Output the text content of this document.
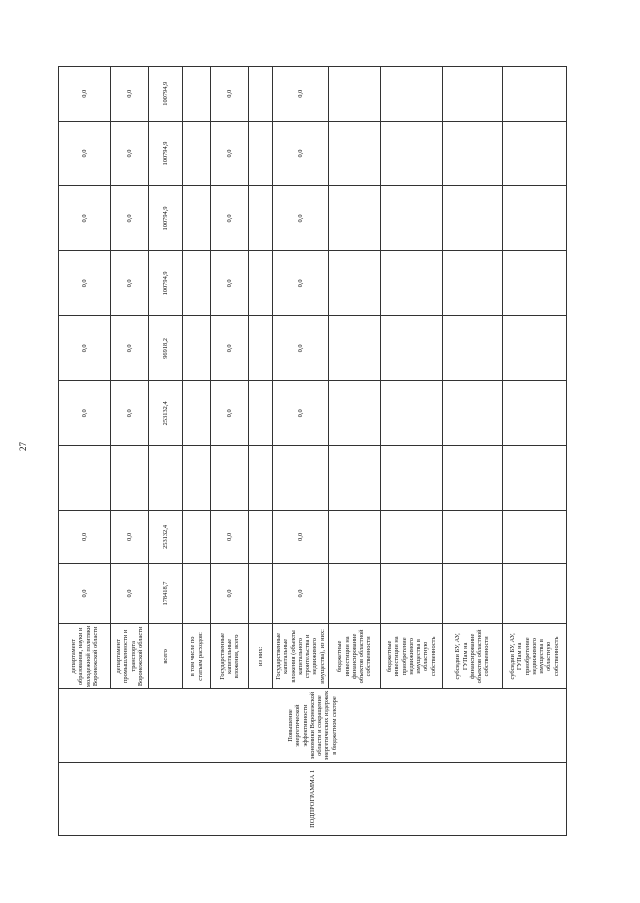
27
ПОДПРОГРАММА 1	Повышение энергетической эффективности экономики Воронежской области и сокращение энергетических издержек в бюджетном секторе	департамент образования, науки и молодежной политики Воронежской области	0,0	0,0		0,0	0,0	0,0	0,0	0,0	0,0
		департамент промышленности и транспорта Воронежской области	0,0	0,0		0,0	0,0	0,0	0,0	0,0	0,0
		всего	178418,7	253132,4		253132,4	96918,2	100794,9	100794,9	100794,9	100794,9
		в том числе по статьям расходов:									
		Государственные капитальные вложения, всего	0,0	0,0		0,0	0,0	0,0	0,0	0,0	0,0
		из них:									
		Государственные капитальные вложения (объекты капитального строительства и недвижимого имущества), из них:	0,0	0,0		0,0	0,0	0,0	0,0	0,0	0,0
		бюджетные инвестиции на финансирование объектов областной собственности									
		бюджетные инвестиции на приобретение недвижимого имущества в областную собственность									
		субсидии БУ, АУ, ГУПам на финансирование объектов областной собственности									
		субсидии БУ, АУ, ГУПам на приобретение недвижимого имущества в областную собственность									
